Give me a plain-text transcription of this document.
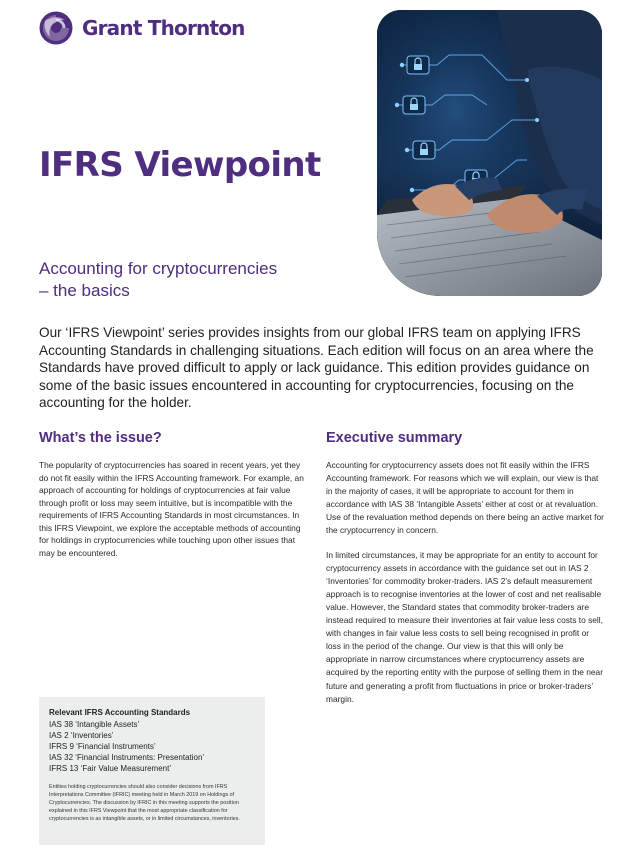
Grant Thornton
IFRS Viewpoint
Accounting for cryptocurrencies
– the basics

Our ‘IFRS Viewpoint’ series provides insights from our global IFRS team on applying IFRS Accounting Standards in challenging situations. Each edition will focus on an area where the Standards have proved difficult to apply or lack guidance. This edition provides guidance on some of the basic issues encountered in accounting for cryptocurrencies, focusing on the accounting for the holder.

What’s the issue?

The popularity of cryptocurrencies has soared in recent years, yet they do not fit easily within the IFRS Accounting framework. For example, an approach of accounting for holdings of cryptocurrencies at fair value through profit or loss may seem intuitive, but is incompatible with the requirements of IFRS Accounting Standards in most circumstances. In this IFRS Viewpoint, we explore the acceptable methods of accounting for holdings in cryptocurrencies while touching upon other issues that

may be encountered.

Executive summary

Accounting for cryptocurrency assets does not fit easily within the IFRS Accounting framework. For reasons which we will explain, our view is that in the majority of cases, it will be appropriate to account for them in accordance with IAS 38 ‘Intangible Assets’ either at cost or at revaluation. Use of the revaluation method depends on there being an active market for the cryptocurrency in concern.

In limited circumstances, it may be appropriate for an entity to account for cryptocurrency assets in accordance with the guidance set out in IAS 2 ‘Inventories’ for commodity broker-traders. IAS 2’s default measurement approach is to recognise inventories at the lower of cost and net realisable value. However, the Standard states that commodity broker-traders are instead required to measure their inventories at fair value less costs to sell, with changes in fair value less costs to sell being recognised in profit or loss in the period of the change. Our view is that this will only be appropriate in narrow circumstances where cryptocurrency assets are acquired by the reporting entity with the purpose of selling them in the near future and generating a profit from fluctuations in price or broker-traders’ margin.

Relevant IFRS Accounting Standards
IAS 38 ‘Intangible Assets’
IAS 2 ‘Inventories’
IFRS 9 ‘Financial Instruments’
IAS 32 ‘Financial Instruments: Presentation’
IFRS 13 ‘Fair Value Measurement’

Entities holding cryptocurrencies should also consider decisions from IFRS Interpretations Committee (IFRIC) meeting held in March 2019 on Holdings of Cryptocurrencies. The discussion by IFRIC in this meeting supports the position explained in this IFRS Viewpoint that the most appropriate classification for cryptocurrencies is as intangible assets, or in limited circumstances, inventories.
